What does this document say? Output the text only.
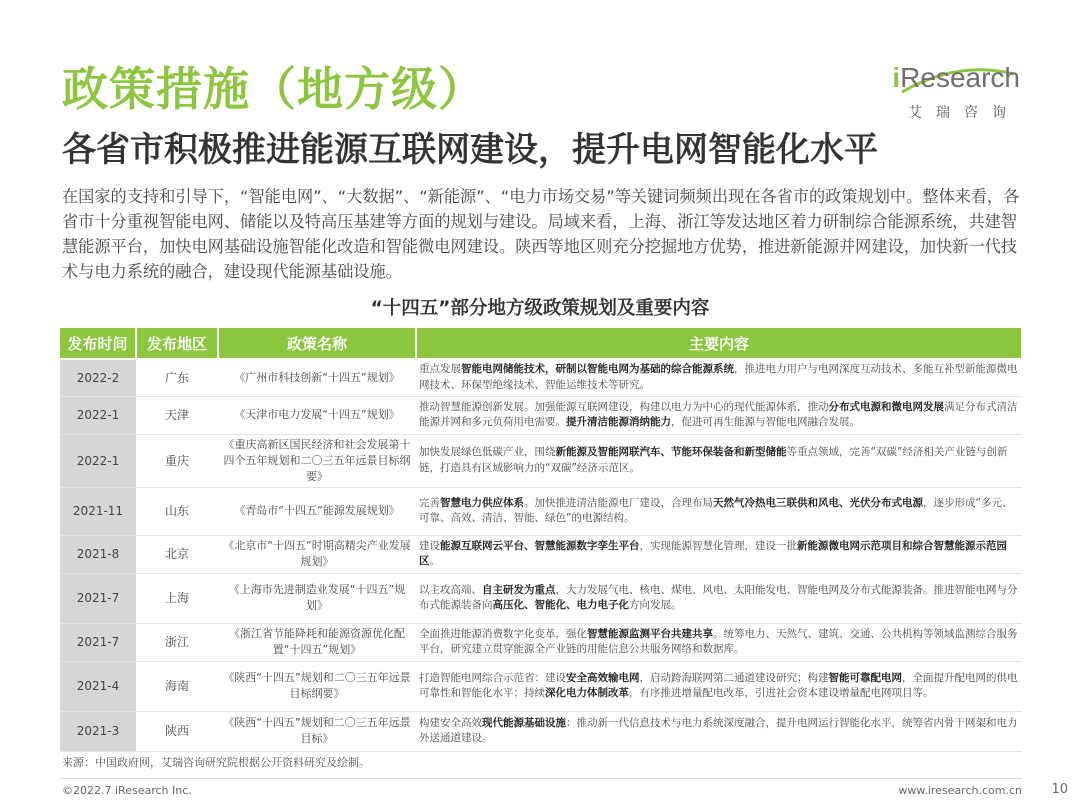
政策措施（地方级）	iResearch
艾瑞咨询
各省市积极推进能源互联网建设，提升电网智能化水平

在国家的支持和引导下，“智能电网”、“大数据”、“新能源”、“电力市场交易”等关键词频频出现在各省市的政策规划中。整体来看，各省市十分重视智能电网、储能以及特高压基建等方面的规划与建设。局域来看，上海、浙江等发达地区着力研制综合能源系统，共建智慧能源平台，加快电网基础设施智能化改造和智能微电网建设。陕西等地区则充分挖掘地方优势，推进新能源并网建设，加快新一代技术与电力系统的融合，建设现代能源基础设施。

“十四五”部分地方级政策规划及重要内容

发布时间	发布地区	政策名称	主要内容
2022-2	广东	《广州市科技创新“十四五”规划》	重点发展智能电网储能技术，研制以智能电网为基础的综合能源系统，推进电力用户与电网深度互动技术、多能互补型新能源微电网技术、环保型绝缘技术、智能运维技术等研究。
2022-1	天津	《天津市电力发展“十四五”规划》	推动智慧能源创新发展。加强能源互联网建设，构建以电力为中心的现代能源体系，推动分布式电源和微电网发展满足分布式清洁能源并网和多元负荷用电需要。提升清洁能源消纳能力，促进可再生能源与智能电网融合发展。
2022-1	重庆	《重庆高新区国民经济和社会发展第十四个五年规划和二〇三五年远景目标纲要》	加快发展绿色低碳产业，围绕新能源及智能网联汽车、节能环保装备和新型储能等重点领域，完善“双碳”经济相关产业链与创新链，打造具有区域影响力的“双碳”经济示范区。
2021-11	山东	《青岛市“十四五”能源发展规划》	完善智慧电力供应体系。加快推进清洁能源电厂建设，合理布局天然气冷热电三联供和风电、光伏分布式电源，逐步形成“多元、可靠、高效、清洁、智能、绿色”的电源结构。
2021-8	北京	《北京市“十四五”时期高精尖产业发展规划》	建设能源互联网云平台、智慧能源数字孪生平台，实现能源智慧化管理，建设一批新能源微电网示范项目和综合智慧能源示范园区。
2021-7	上海	《上海市先进制造业发展“十四五”规划》	以主攻高端、自主研发为重点，大力发展气电、核电、煤电、风电、太阳能发电、智能电网及分布式能源装备。推进智能电网与分布式能源装备向高压化、智能化、电力电子化方向发展。
2021-7	浙江	《浙江省节能降耗和能源资源优化配置“十四五”规划》	全面推进能源消费数字化变革，强化智慧能源监测平台共建共享。统筹电力、天然气、建筑、交通、公共机构等领域监测综合服务平台，研究建立贯穿能源全产业链的用能信息公共服务网络和数据库。
2021-4	海南	《陕西“十四五”规划和二〇三五年远景目标纲要》	打造智能电网综合示范省：建设安全高效输电网，启动跨海联网第二通道建设研究；构建智能可靠配电网，全面提升配电网的供电可靠性和智能化水平；持续深化电力体制改革，有序推进增量配电改革，引进社会资本建设增量配电网项目等。
2021-3	陕西	《陕西“十四五”规划和二〇三五年远景目标》	构建安全高效现代能源基础设施：推动新一代信息技术与电力系统深度融合，提升电网运行智能化水平，统筹省内骨干网架和电力外送通道建设。

来源：中国政府网，艾瑞咨询研究院根据公开资料研究及绘制。

©2022.7 iResearch Inc.	www.iresearch.com.cn 10
